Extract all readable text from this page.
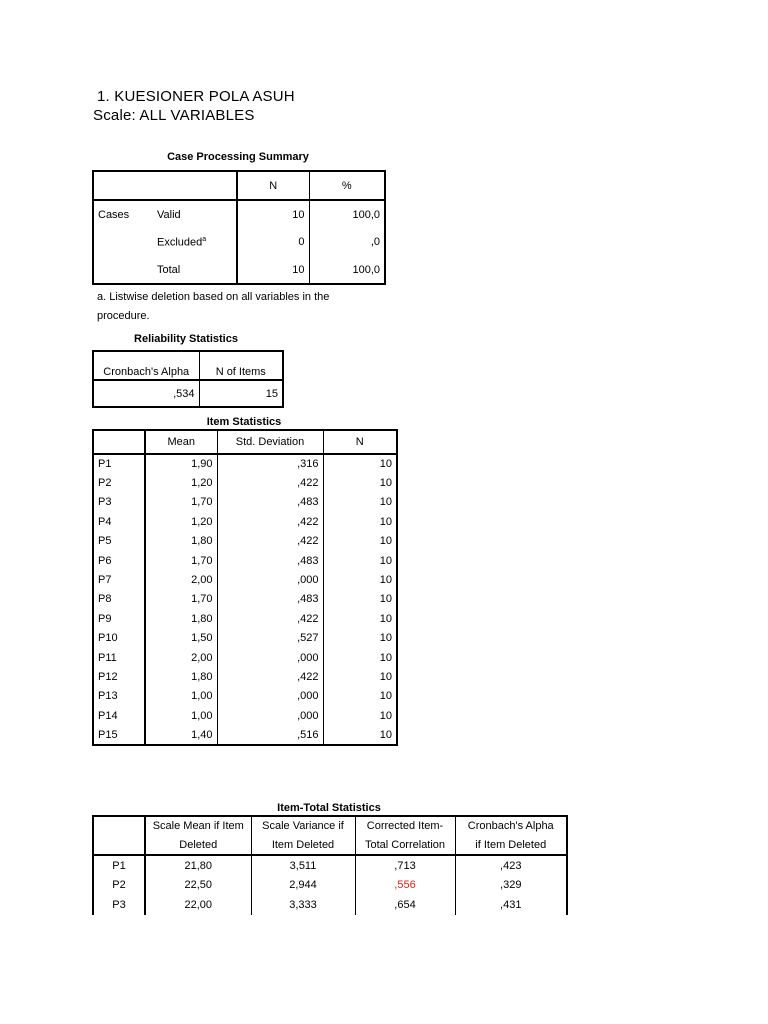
1. KUESIONER POLA ASUH
Scale: ALL VARIABLES
Case Processing Summary
		N	%
Cases	Valid	10	100,0
	Excluded$^a$	0	,0
	Total	10	100,0
a. Listwise deletion based on all variables in the
procedure.
Reliability Statistics
Cronbach's Alpha	N of Items
,534	15
Item Statistics
	Mean	Std. Deviation	N
P1	1,90	,316	10
P2	1,20	,422	10
P3	1,70	,483	10
P4	1,20	,422	10
P5	1,80	,422	10
P6	1,70	,483	10
P7	2,00	,000	10
P8	1,70	,483	10
P9	1,80	,422	10
P10	1,50	,527	10
P11	2,00	,000	10
P12	1,80	,422	10
P13	1,00	,000	10
P14	1,00	,000	10
P15	1,40	,516	10
Item-Total Statistics
	Scale Mean if Item	Scale Variance if	Corrected Item-	Cronbach's Alpha
	Deleted	Item Deleted	Total Correlation	if Item Deleted
P1	21,80	3,511	,713	,423
P2	22,50	2,944	,556	,329
P3	22,00	3,333	,654	,431
